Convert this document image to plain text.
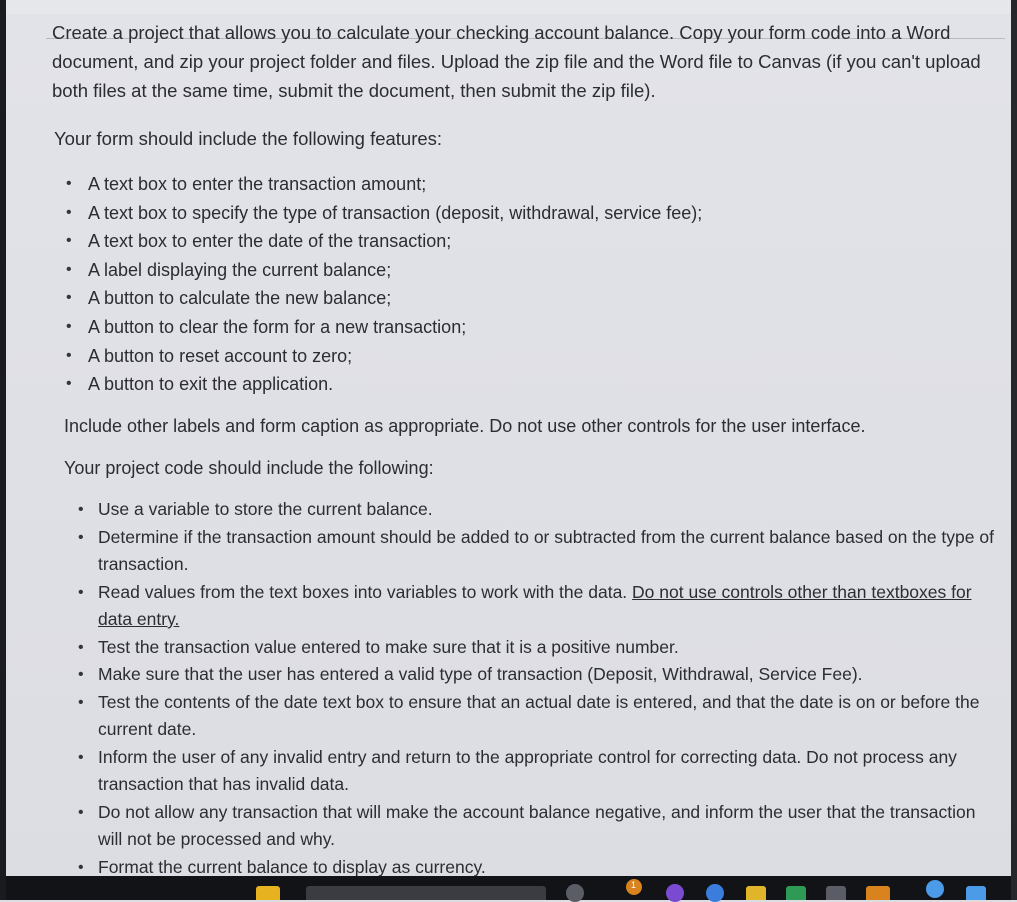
Create a project that allows you to calculate your checking account balance. Copy your form code into a Word document, and zip your project folder and files. Upload the zip file and the Word file to Canvas (if you can't upload both files at the same time, submit the document, then submit the zip file).

Your form should include the following features:

• A text box to enter the transaction amount;
• A text box to specify the type of transaction (deposit, withdrawal, service fee);
• A text box to enter the date of the transaction;
• A label displaying the current balance;
• A button to calculate the new balance;
• A button to clear the form for a new transaction;
• A button to reset account to zero;
• A button to exit the application.

Include other labels and form caption as appropriate. Do not use other controls for the user interface.

Your project code should include the following:

• Use a variable to store the current balance.
• Determine if the transaction amount should be added to or subtracted from the current balance based on the type of transaction.
• Read values from the text boxes into variables to work with the data. Do not use controls other than textboxes for data entry.
• Test the transaction value entered to make sure that it is a positive number.
• Make sure that the user has entered a valid type of transaction (Deposit, Withdrawal, Service Fee).
• Test the contents of the date text box to ensure that an actual date is entered, and that the date is on or before the current date.
• Inform the user of any invalid entry and return to the appropriate control for correcting data. Do not process any transaction that has invalid data.
• Do not allow any transaction that will make the account balance negative, and inform the user that the transaction will not be processed and why.
• Format the current balance to display as currency.
1
